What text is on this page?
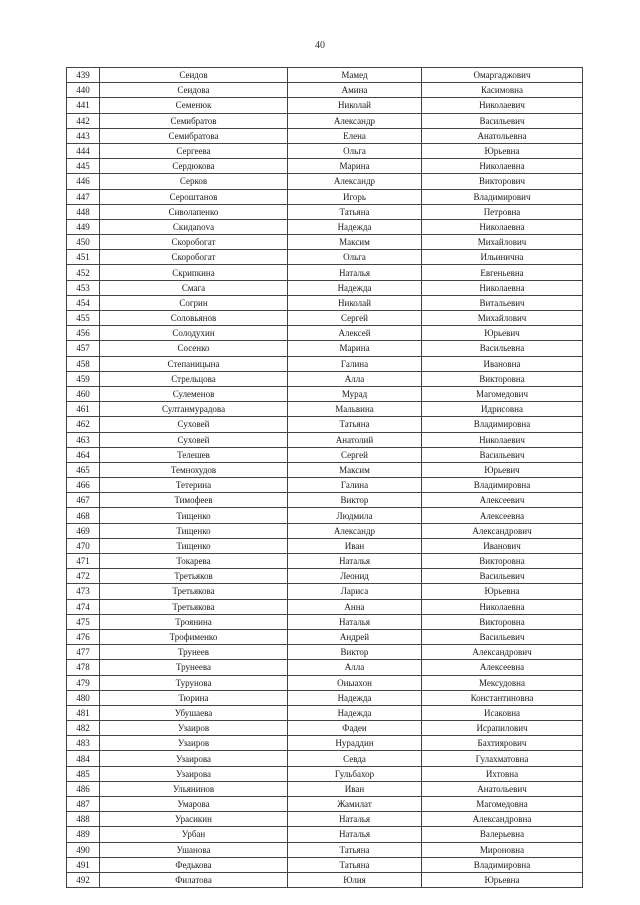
40
439	Сеидов	Мамед	Омаргаджович
440	Сеидова	Амина	Касимовна
441	Семенюк	Николай	Николаевич
442	Семибратов	Александр	Васильевич
443	Семибратова	Елена	Анатольевна
444	Сергеева	Ольга	Юрьевна
445	Сердюкова	Марина	Николаевна
446	Серков	Александр	Викторович
447	Сероштанов	Игорь	Владимирович
448	Сиволапенко	Татьяна	Петровна
449	Скидanova	Надежда	Николаевна
450	Скоробогат	Максим	Михайлович
451	Скоробогат	Ольга	Ильинична
452	Скрипкина	Наталья	Евгеньевна
453	Смага	Надежда	Николаевна
454	Согрин	Николай	Витальевич
455	Соловьянов	Сергей	Михайлович
456	Солодухин	Алексей	Юрьевич
457	Сосенко	Марина	Васильевна
458	Степаницына	Галина	Ивановна
459	Стрельцова	Алла	Викторовна
460	Сулеменов	Мурад	Магомедович
461	Султанмурадова	Мальвина	Идрисовна
462	Суховей	Татьяна	Владимировна
463	Суховей	Анатолий	Николаевич
464	Телешев	Сергей	Васильевич
465	Темнохудов	Максим	Юрьевич
466	Тетерина	Галина	Владимировна
467	Тимофеев	Виктор	Алексеевич
468	Тищенко	Людмила	Алексеевна
469	Тищенко	Александр	Александрович
470	Тищенко	Иван	Иванович
471	Токарева	Наталья	Викторовна
472	Третьяков	Леонид	Васильевич
473	Третьякова	Лариса	Юрьевна
474	Третьякова	Анна	Николаевна
475	Троянина	Наталья	Викторовна
476	Трофименко	Андрей	Васильевич
477	Трунеев	Виктор	Александрович
478	Трунеева	Алла	Алексеевна
479	Турунова	Оиыахон	Мексудовна
480	Тюрина	Надежда	Константиновна
481	Убушаева	Надежда	Исаковна
482	Узаиров	Фадеи	Исрапилович
483	Узаиров	Нураддин	Бахтиярович
484	Узаирова	Севда	Гулахматовна
485	Узаирова	Гульбахор	Ихтовна
486	Ульянинов	Иван	Анатольевич
487	Умарова	Жамилат	Магомедовна
488	Урасикин	Наталья	Александровна
489	Урбан	Наталья	Валерьевна
490	Ушанова	Татьяна	Мироновна
491	Федькова	Татьяна	Владимировна
492	Филатова	Юлия	Юрьевна
